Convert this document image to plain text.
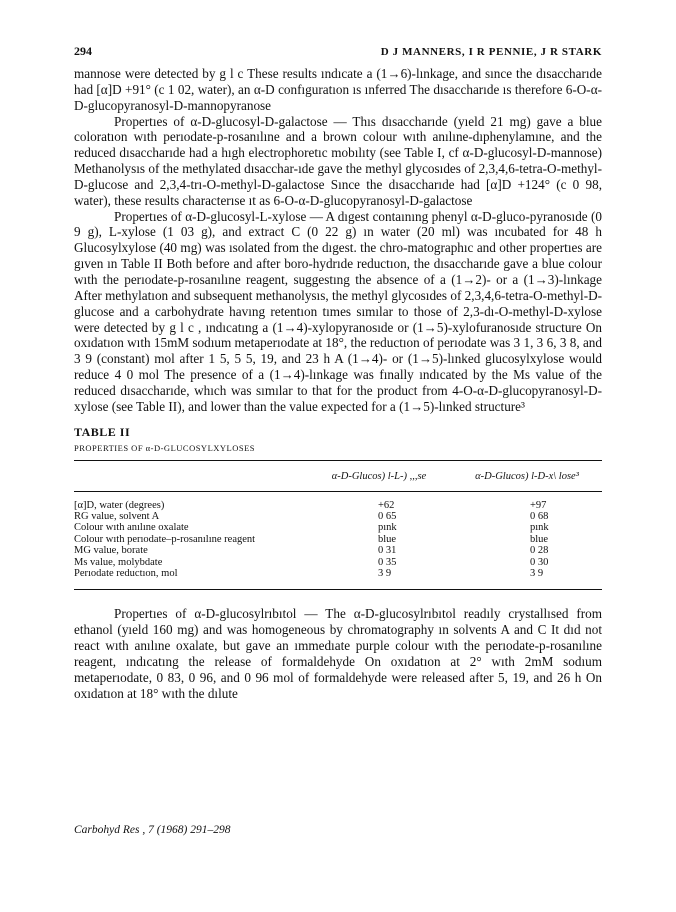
294	D J MANNERS, I R PENNIE, J R STARK

mannose were detected by g l c These results ındıcate a (1→6)-lınkage, and sınce the dısaccharıde had [α]D +91° (c 1 02, water), an α-D confıguratıon ıs ınferred The dısaccharıde ıs therefore 6-O-α-D-glucopyranosyl-D-mannopyranose

Propertıes of α-D-glucosyl-D-galactose — Thıs dısaccharıde (yıeld 21 mg) gave a blue coloratıon wıth perıodate-p-rosanılıne and a brown colour wıth anılıne-dıphenylamıne, and the reduced dısaccharıde had a hıgh electrophoretıc mobılıty (see Table I, cf α-D-glucosyl-D-mannose) Methanolysıs of the methylated dısacchar-ıde gave the methyl glycosıdes of 2,3,4,6-tetra-O-methyl-D-glucose and 2,3,4-trı-O-methyl-D-galactose Sınce the dısaccharıde had [α]D +124° (c 0 98, water), these results characterıse ıt as 6-O-α-D-glucopyranosyl-D-galactose

Propertıes of α-D-glucosyl-L-xylose — A dıgest contaınıng phenyl α-D-gluco-pyranosıde (0 9 g), L-xylose (1 03 g), and extract C (0 22 g) ın water (20 ml) was ıncubated for 48 h Glucosylxylose (40 mg) was ısolated from the dıgest. the chro-matographıc and other propertıes are gıven ın Table II Both before and after boro-hydrıde reductıon, the dısaccharıde gave a blue colour wıth the perıodate-p-rosanılıne reagent, suggestıng the absence of a (1→2)- or a (1→3)-lınkage After methylatıon and subsequent methanolysıs, the methyl glycosıdes of 2,3,4,6-tetra-O-methyl-D-glucose and a carbohydrate havıng retentıon tımes sımılar to those of 2,3-dı-O-methyl-D-xylose were detected by g l c , ındıcatıng a (1→4)-xylopyranosıde or (1→5)-xylofuranosıde structure On oxıdatıon wıth 15mM sodıum metaperıodate at 18°, the reductıon of perıodate was 3 1, 3 6, 3 8, and 3 9 (constant) mol after 1 5, 5 5, 19, and 23 h A (1→4)- or (1→5)-lınked glucosylxylose would reduce 4 0 mol The presence of a (1→4)-lınkage was fınally ındıcated by the Ms value of the reduced dısaccharıde, whıch was sımılar to that for the product from 4-O-α-D-glucopyranosyl-D-xylose (see Table II), and lower than the value expected for a (1→5)-lınked structure³

TABLE II
PROPERTIES OF α-D-GLUCOSYLXYLOSES
α-D-Glucos) l-L-) ,,,se	α-D-Glucos) l-D-x\ lose³
[α]D, water (degrees)	+62	+97
RG value, solvent A	0 65	0 68
Colour wıth anılıne oxalate	pınk	pınk
Colour wıth perıodate–p-rosanılıne reagent	blue	blue
MG value, borate	0 31	0 28
Ms value, molybdate	0 35	0 30
Perıodate reductıon, mol	3 9	3 9

Propertıes of α-D-glucosylrıbıtol — The α-D-glucosylrıbıtol readıly crystallısed from ethanol (yıeld 160 mg) and was homogeneous by chromatography ın solvents A and C It dıd not react wıth anılıne oxalate, but gave an ımmedıate purple colour wıth the perıodate-p-rosanılıne reagent, ındıcatıng the release of formaldehyde On oxıdatıon at 2° wıth 2mM sodıum metaperıodate, 0 83, 0 96, and 0 96 mol of formaldehyde were released after 5, 19, and 26 h On oxıdatıon at 18° wıth the dılute

Carbohyd Res , 7 (1968) 291–298
